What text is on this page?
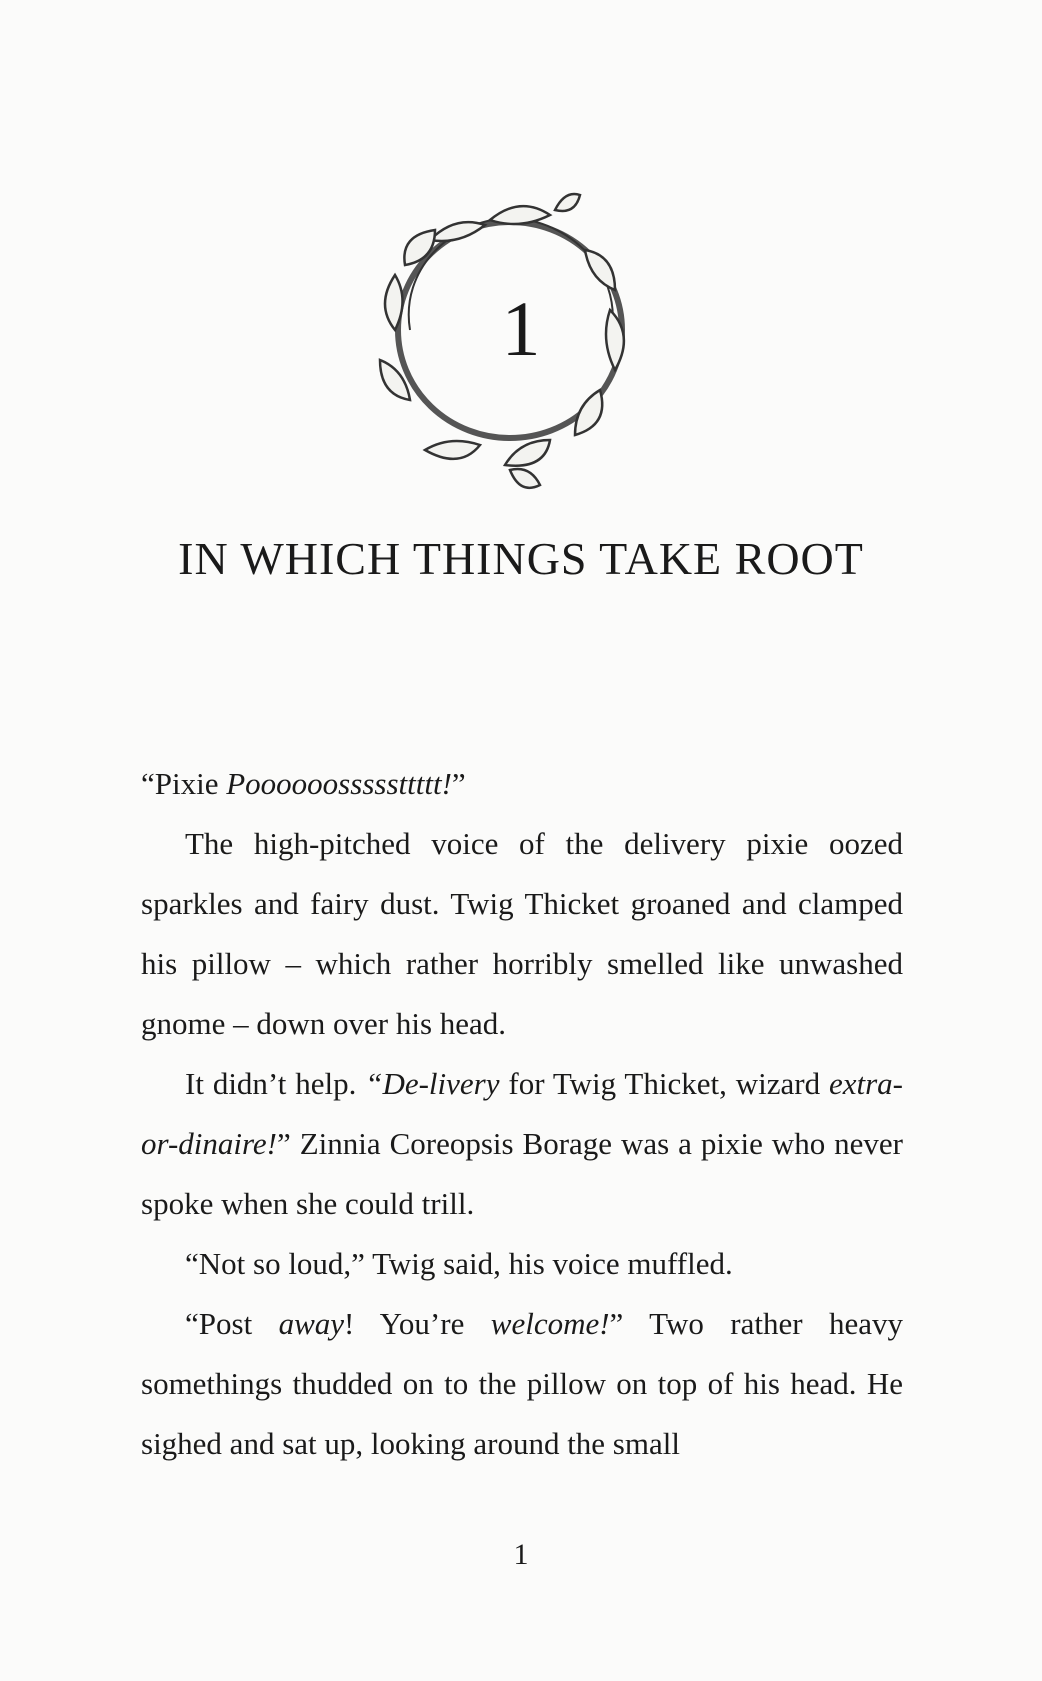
1
IN WHICH THINGS TAKE ROOT

“Pixie Poooooosssssttttt!”

The high-pitched voice of the delivery pixie oozed sparkles and fairy dust. Twig Thicket groaned and clamped his pillow – which rather horribly smelled like unwashed gnome – down over his head.

It didn’t help. “De-livery for Twig Thicket, wizard extra-or-dinaire!” Zinnia Coreopsis Borage was a pixie who never spoke when she could trill.

“Not so loud,” Twig said, his voice muffled.

“Post away! You’re welcome!” Two rather heavy somethings thudded on to the pillow on top of his head. He sighed and sat up, looking around the small

1
